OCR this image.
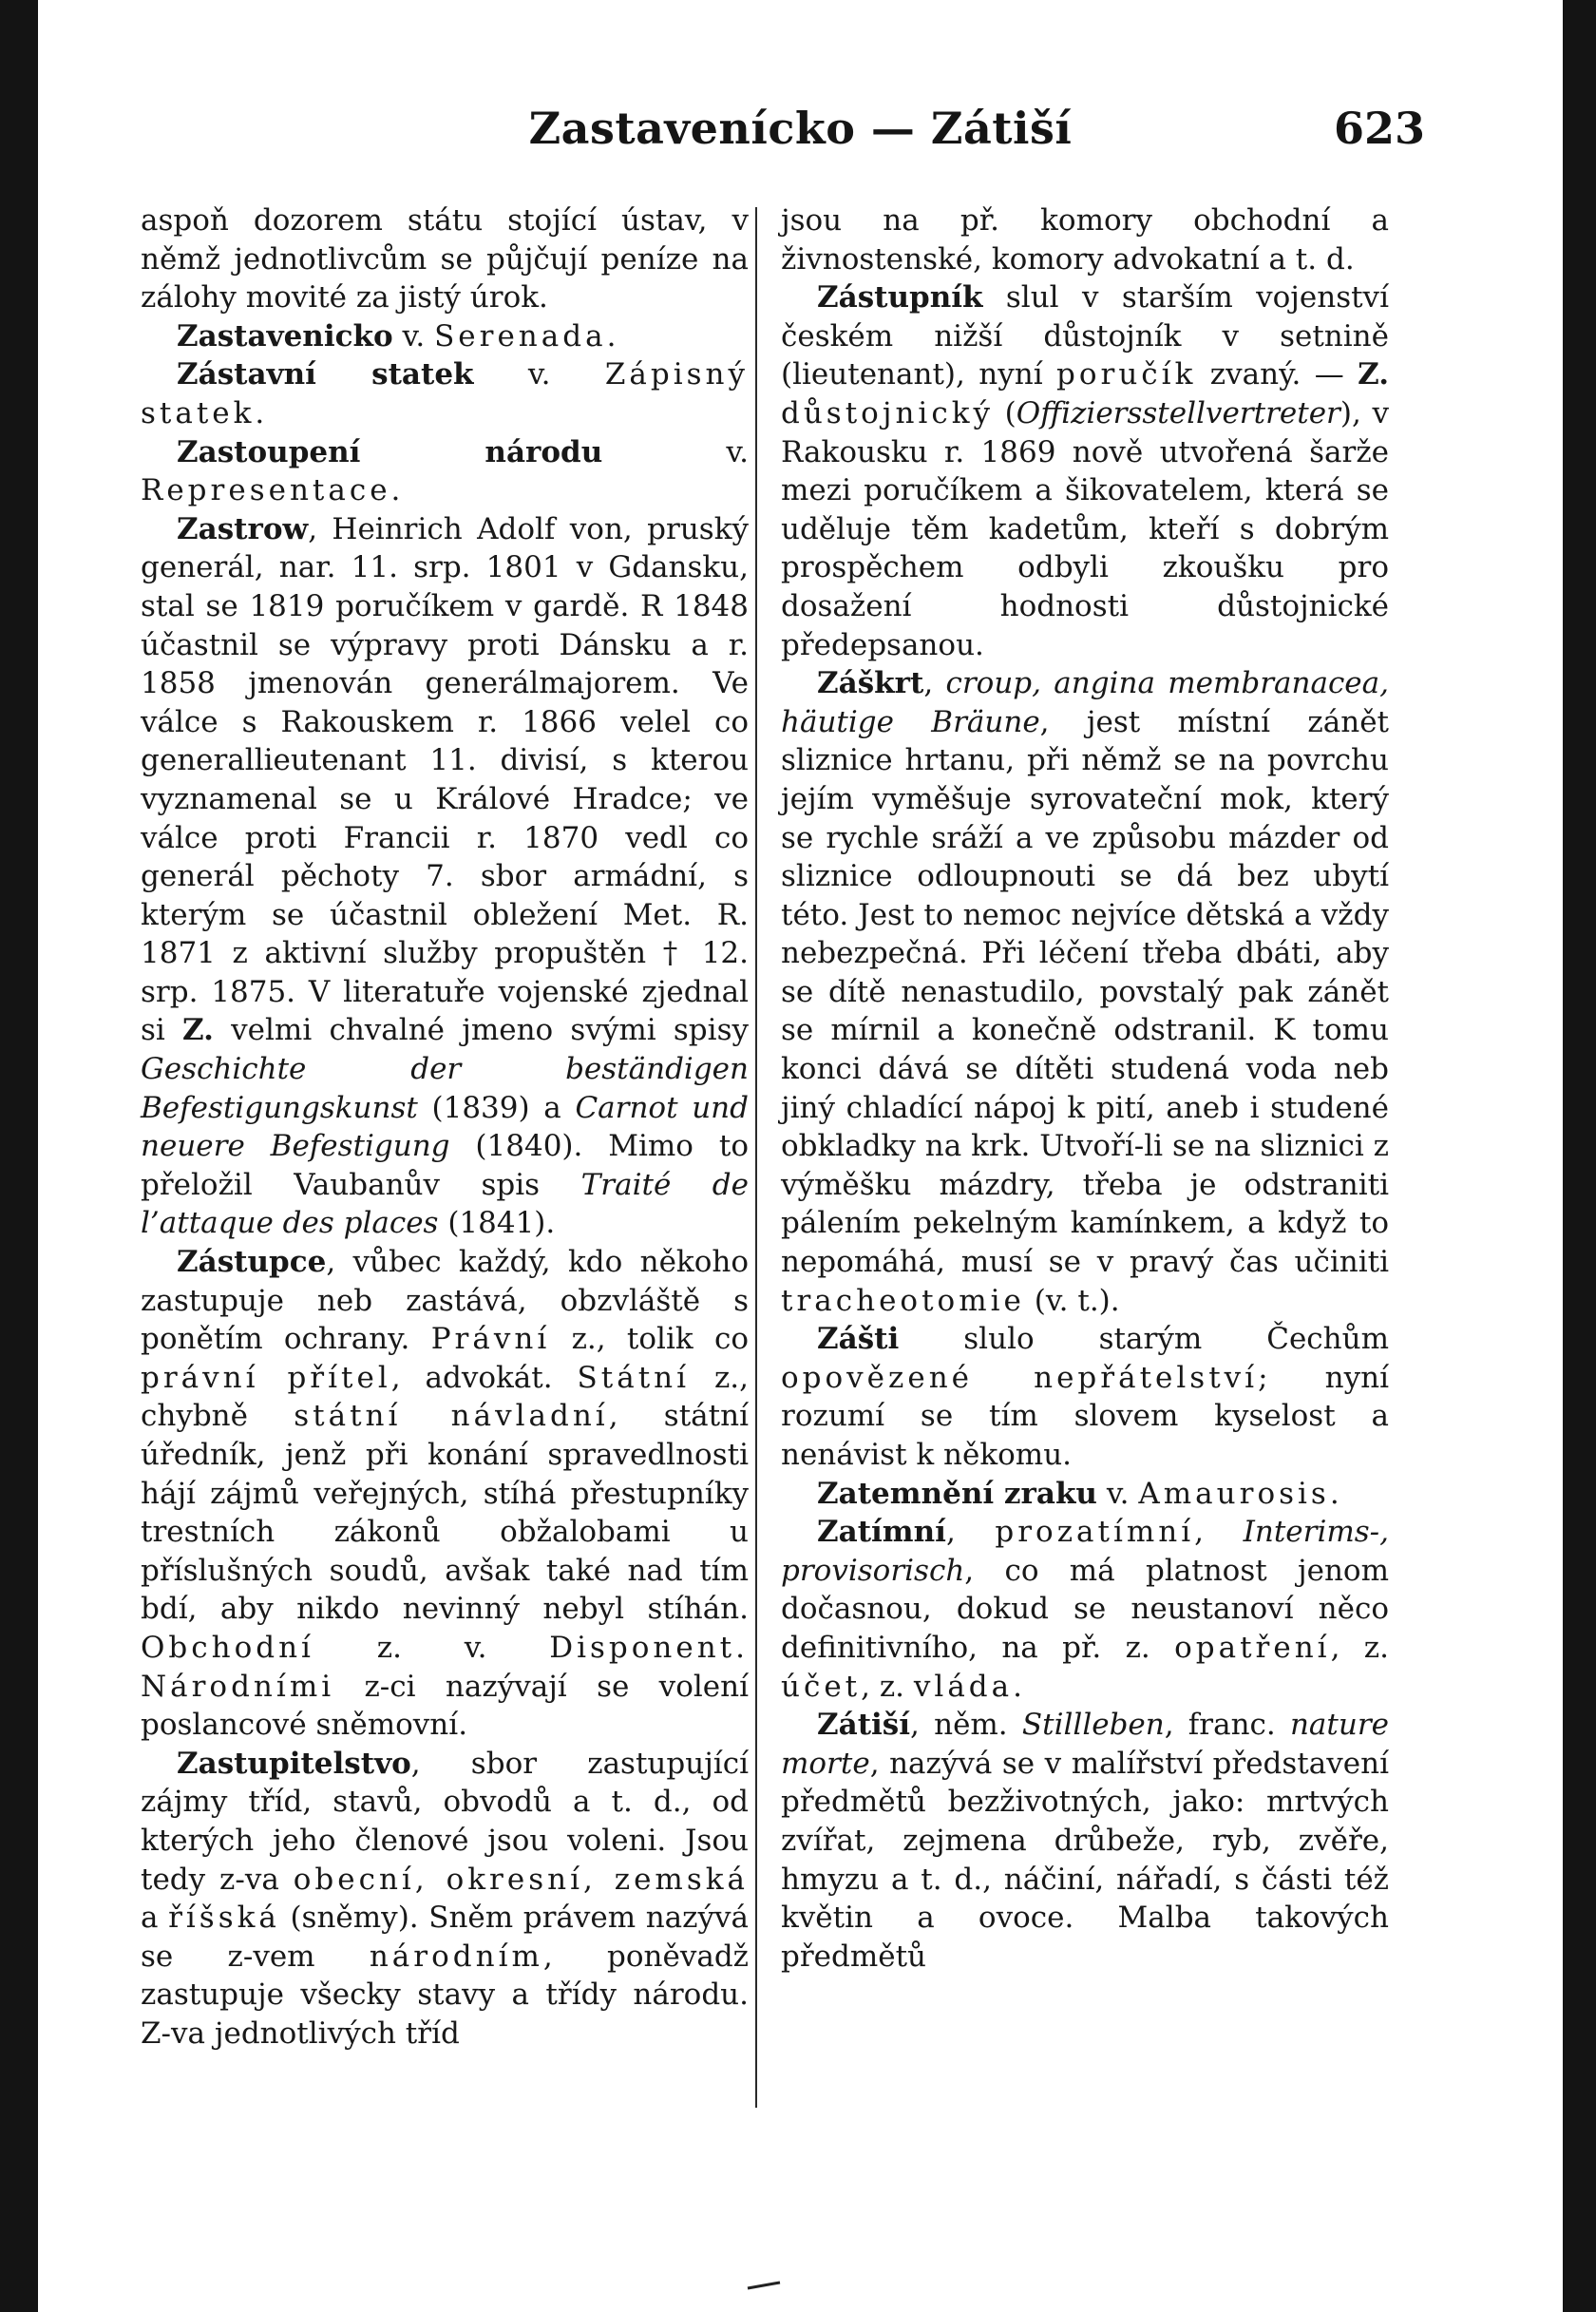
Zastavenícko — Zátiší	623

aspoň dozorem státu stojící ústav, v němž jednotlivcům se půjčují peníze na zálohy movité za jistý úrok.

Zastavenicko v. Serenada.

Zástavní statek v. Zápisný statek.

Zastoupení národu v. Representace.

Zastrow, Heinrich Adolf von, pruský generál, nar. 11. srp. 1801 v Gdansku, stal se 1819 poručíkem v gardě. R 1848 účastnil se výpravy proti Dánsku a r. 1858 jmenován generálmajorem. Ve válce s Rakouskem r. 1866 velel co generallieutenant 11. divisí, s kterou vyznamenal se u Králové Hradce; ve válce proti Francii r. 1870 vedl co generál pěchoty 7. sbor armádní, s kterým se účastnil obležení Met. R. 1871 z aktivní služby propuštěn † 12. srp. 1875. V literatuře vojenské zjednal si Z. velmi chvalné jmeno svými spisy Geschichte der beständigen Befestigungskunst (1839) a Carnot und neuere Befestigung (1840). Mimo to přeložil Vaubanův spis Traité de l’attaque des places (1841).

Zástupce, vůbec každý, kdo někoho zastupuje neb zastává, obzvláště s ponětím ochrany. Právní z., tolik co právní přítel, advokát. Státní z., chybně státní návladní, státní úředník, jenž při konání spravedlnosti hájí zájmů veřejných, stíhá přestupníky trestních zákonů obžalobami u příslušných soudů, avšak také nad tím bdí, aby nikdo nevinný nebyl stíhán. Obchodní z. v. Disponent. Národními z-ci nazývají se volení poslancové sněmovní.

Zastupitelstvo, sbor zastupující zájmy tříd, stavů, obvodů a t. d., od kterých jeho členové jsou voleni. Jsou tedy z-va obecní, okresní, zemská a říšská (sněmy). Sněm právem nazývá se z-vem národním, poněvadž zastupuje všecky stavy a třídy národu. Z-va jednotlivých tříd

jsou na př. komory obchodní a živnostenské, komory advokatní a t. d.

Zástupník slul v starším vojenství českém nižší důstojník v setnině (lieutenant), nyní poručík zvaný. — Z. důstojnický (Offiziersstellvertreter), v Rakousku r. 1869 nově utvořená šarže mezi poručíkem a šikovatelem, která se uděluje těm kadetům, kteří s dobrým prospěchem odbyli zkoušku pro dosažení hodnosti důstojnické předepsanou.

Záškrt, croup, angina membranacea, häutige Bräune, jest místní zánět sliznice hrtanu, při němž se na povrchu jejím vyměšuje syrovateční mok, který se rychle sráží a ve způsobu mázder od sliznice odloupnouti se dá bez ubytí této. Jest to nemoc nejvíce dětská a vždy nebezpečná. Při léčení třeba dbáti, aby se dítě nenastudilo, povstalý pak zánět se mírnil a konečně odstranil. K tomu konci dává se dítěti studená voda neb jiný chladící nápoj k pití, aneb i studené obkladky na krk. Utvoří-li se na sliznici z výměšku mázdry, třeba je odstraniti pálením pekelným kamínkem, a když to nepomáhá, musí se v pravý čas učiniti tracheotomie (v. t.).

Zášti slulo starým Čechům opovězené nepřátelství; nyní rozumí se tím slovem kyselost a nenávist k někomu.

Zatemnění zraku v. Amaurosis.

Zatímní, prozatímní, Interims-, provisorisch, co má platnost jenom dočasnou, dokud se neustanoví něco definitivního, na př. z. opatření, z. účet, z. vláda.

Zátiší, něm. Stillleben, franc. nature morte, nazývá se v malířství představení předmětů bezživotných, jako: mrtvých zvířat, zejmena drůbeže, ryb, zvěře, hmyzu a t. d., náčiní, nářadí, s části též květin a ovoce. Malba takových předmětů
